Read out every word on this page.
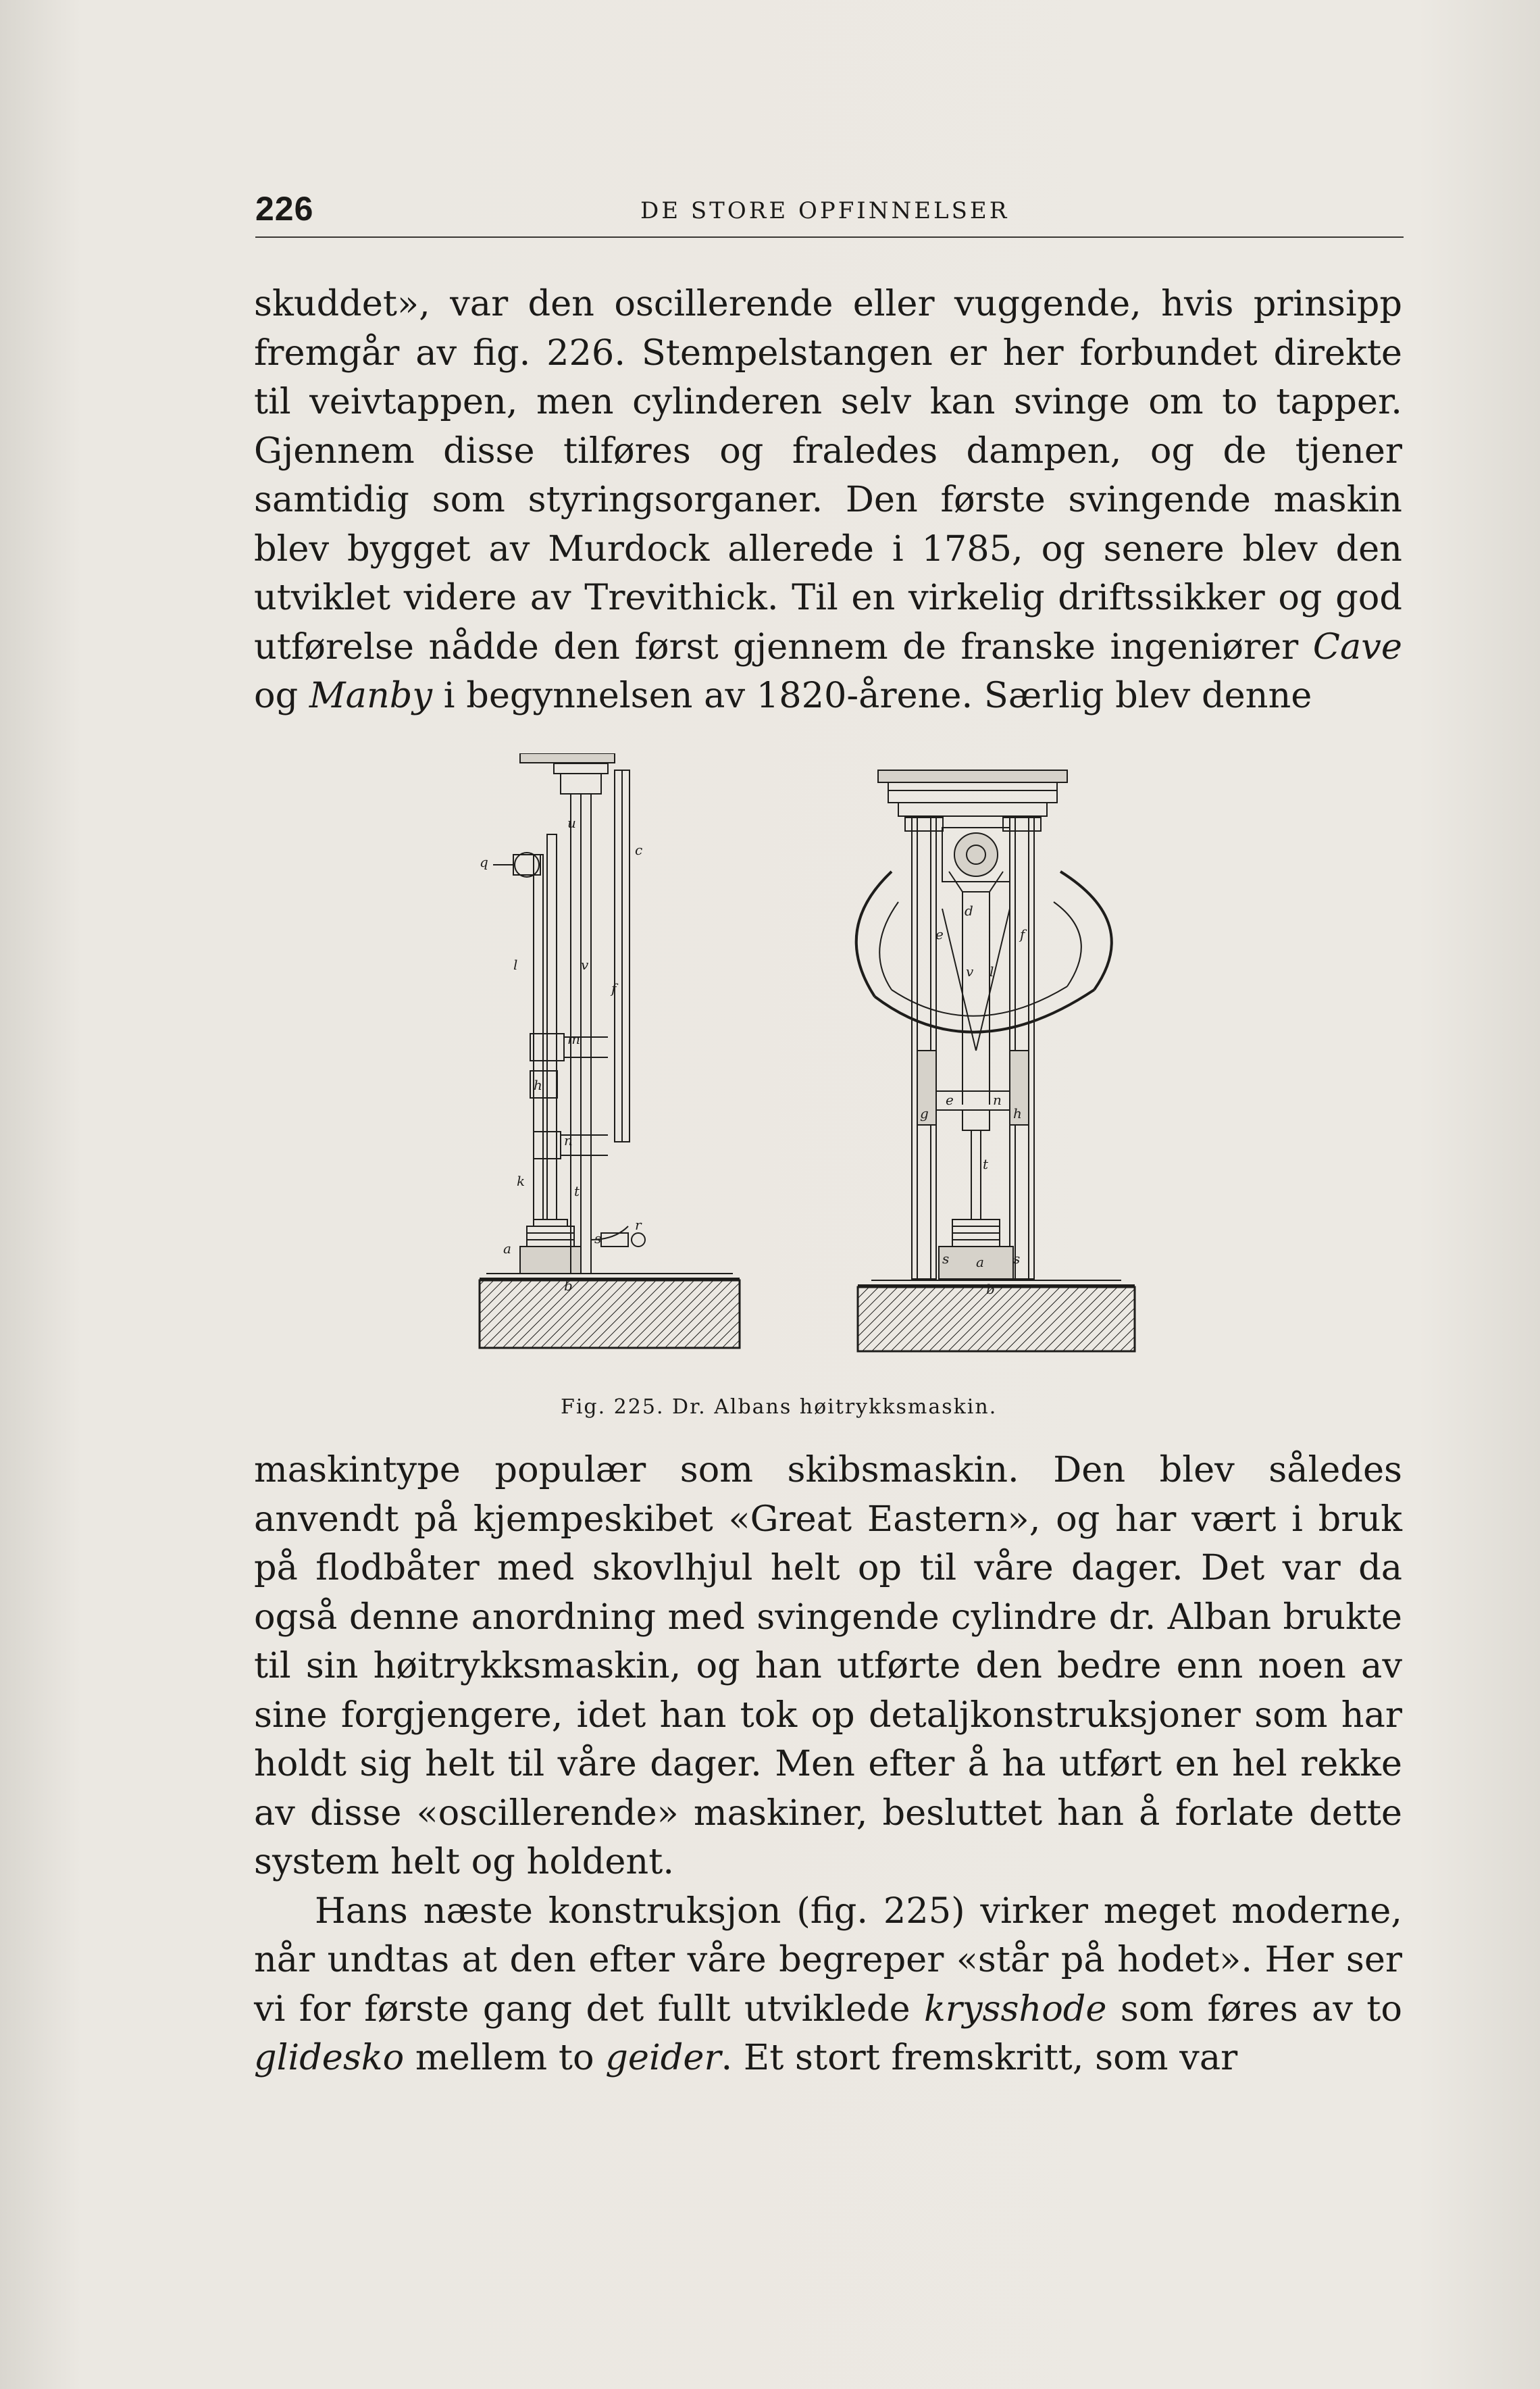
226	DE STORE OPFINNELSER

skuddet», var den oscillerende eller vuggende, hvis prinsipp fremgår av fig. 226. Stempelstangen er her forbundet direkte til veivtappen, men cylinderen selv kan svinge om to tapper. Gjennem disse tilføres og fraledes dampen, og de tjener samtidig som styringsorganer. Den første svingende maskin blev bygget av Murdock allerede i 1785, og senere blev den utviklet videre av Trevithick. Til en virkelig driftssikker og god utførelse nådde den først gjennem de franske ingeniører Cave og Manby i begynnelsen av 1820-årene. Særlig blev denne

q
u
c
l	v
f
m
h
n
k
t
r
a
s
b
d
e	f
v l
g
e	n
h
t
s a s
b
Fig. 225. Dr. Albans høitrykksmaskin.

maskintype populær som skibsmaskin. Den blev således anvendt på kjempeskibet «Great Eastern», og har vært i bruk på flodbåter med skovlhjul helt op til våre dager. Det var da også denne anordning med svingende cylindre dr. Alban brukte til sin høitrykksmaskin, og han utførte den bedre enn noen av sine forgjengere, idet han tok op detaljkonstruksjoner som har holdt sig helt til våre dager. Men efter å ha utført en hel rekke av disse «oscillerende» maskiner, besluttet han å forlate dette system helt og holdent.

Hans næste konstruksjon (fig. 225) virker meget moderne, når undtas at den efter våre begreper «står på hodet». Her ser vi for første gang det fullt utviklede krysshode som føres av to glidesko mellem to geider. Et stort fremskritt, som var
